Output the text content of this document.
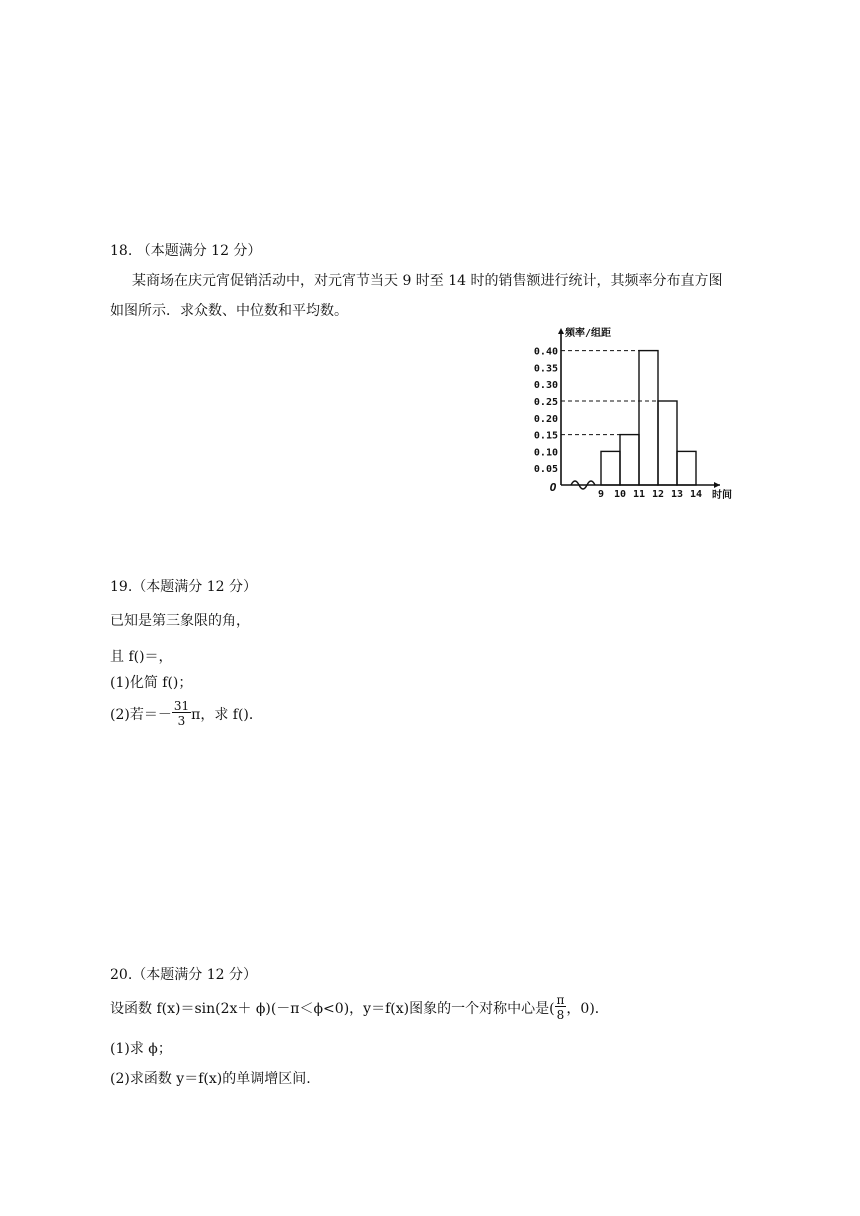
18. （本题满分 12 分）
某商场在庆元宵促销活动中，对元宵节当天 9 时至 14 时的销售额进行统计，其频率分布直方图
如图所示．求众数、中位数和平均数。
0.40
0.35
0.30
0.25
0.20
0.15
0.10
0.05
9 10 11 12 13 14
O
时间
频率/组距
19.（本题满分 12 分）
已知是第三象限的角，
且 f()＝，
(1)化简 f()；
(2)若＝－ $\frac{31}{3}$ π，求 f()．
20.（本题满分 12 分）
设函数 f(x)＝sin(2x＋ ϕ)(－π＜ϕ<0)，y＝f(x)图象的一个对称中心是( $\frac{\pi}{8}$ ，0)．
(1)求 ϕ；
(2)求函数 y＝f(x)的单调增区间.
